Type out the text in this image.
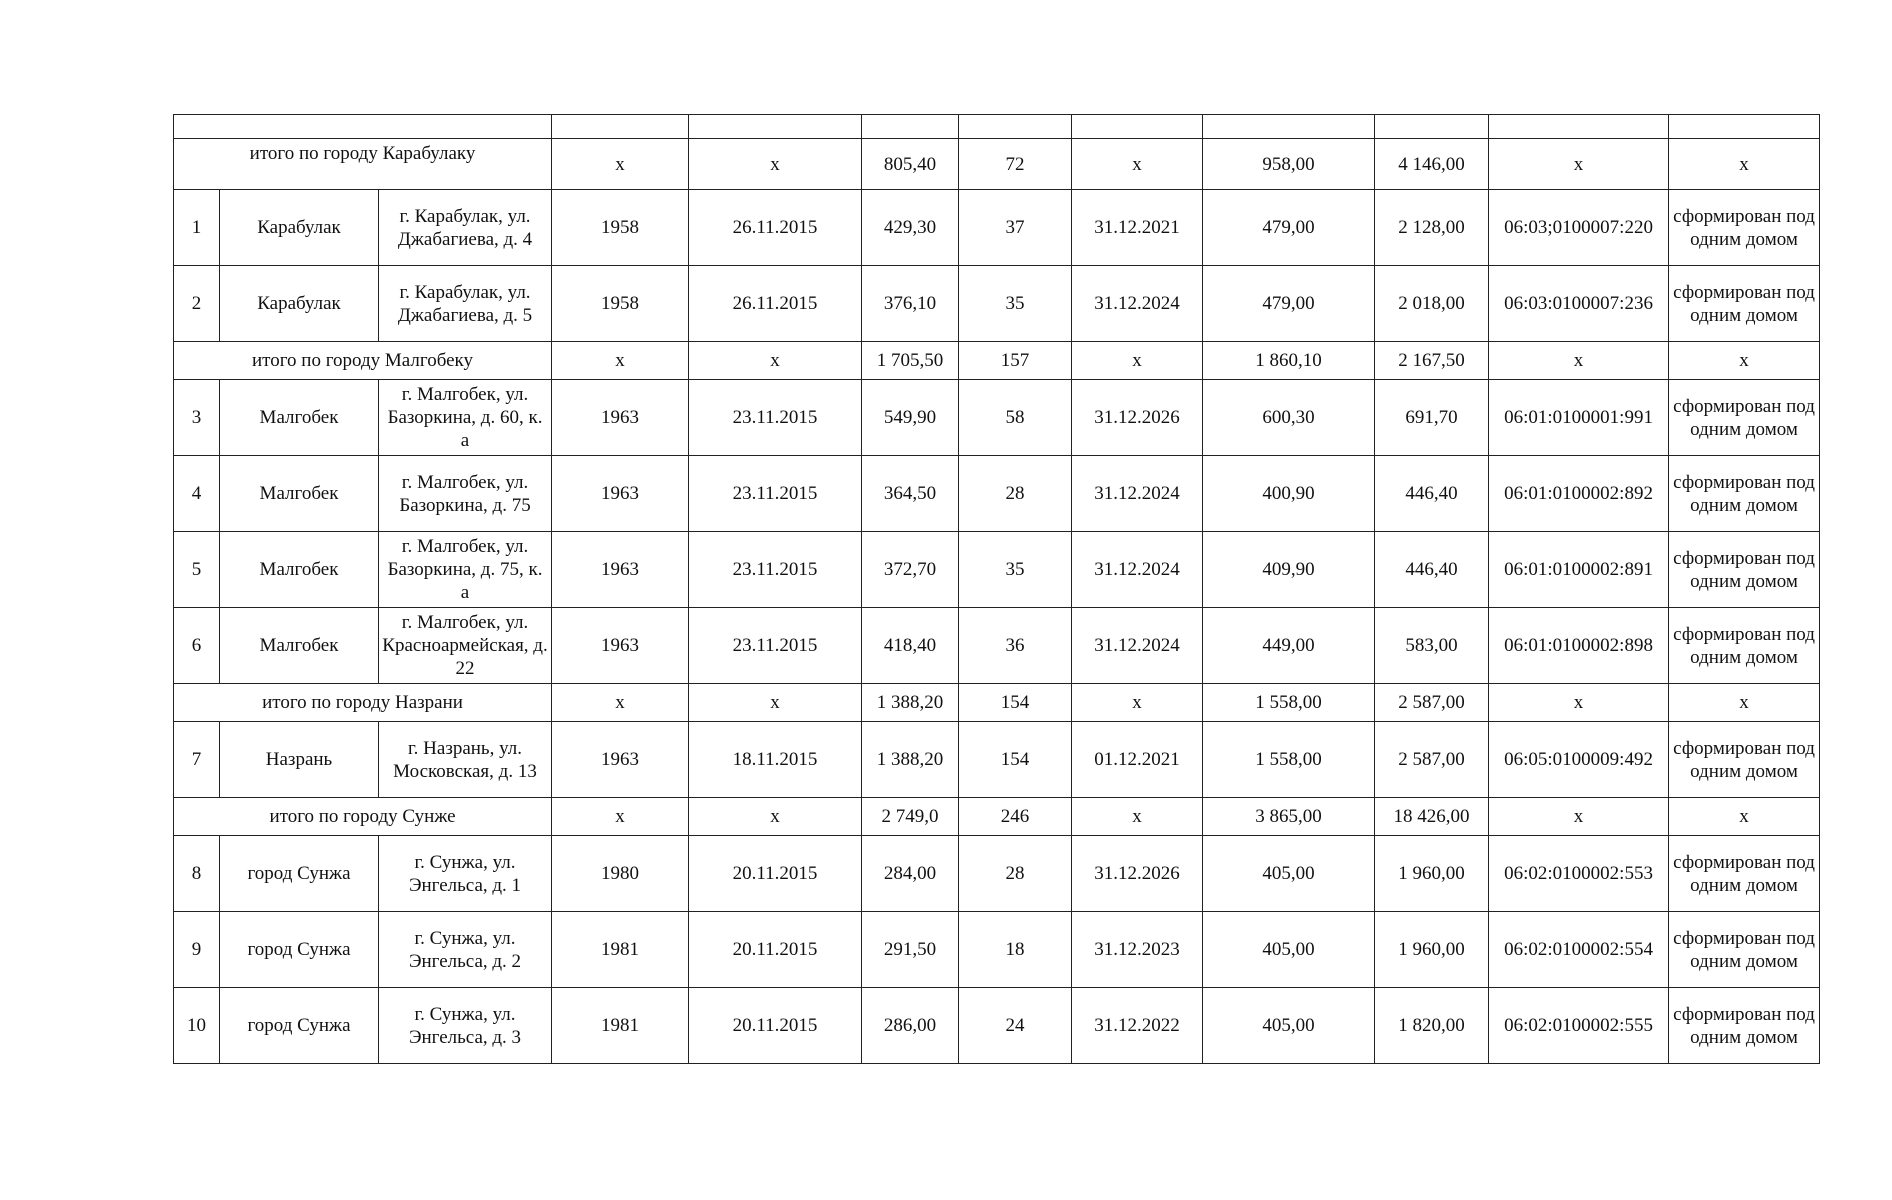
итого по городу Карабулаку			х	х	805,40	72	х	958,00	4 146,00	х	х
1	Карабулак	г. Карабулак, ул. Джабагиева, д. 4	1958	26.11.2015	429,30	37	31.12.2021	479,00	2 128,00	06:03;0100007:220	сформирован под одним домом
2	Карабулак	г. Карабулак, ул. Джабагиева, д. 5	1958	26.11.2015	376,10	35	31.12.2024	479,00	2 018,00	06:03:0100007:236	сформирован под одним домом
итого по городу Малгобеку			х	х	1 705,50	157	х	1 860,10	2 167,50	х	х
3	Малгобек	г. Малгобек, ул. Базоркина, д. 60, к. а	1963	23.11.2015	549,90	58	31.12.2026	600,30	691,70	06:01:0100001:991	сформирован под одним домом
4	Малгобек	г. Малгобек, ул. Базоркина, д. 75	1963	23.11.2015	364,50	28	31.12.2024	400,90	446,40	06:01:0100002:892	сформирован под одним домом
5	Малгобек	г. Малгобек, ул. Базоркина, д. 75, к. а	1963	23.11.2015	372,70	35	31.12.2024	409,90	446,40	06:01:0100002:891	сформирован под одним домом
6	Малгобек	г. Малгобек, ул. Красноармейская, д. 22	1963	23.11.2015	418,40	36	31.12.2024	449,00	583,00	06:01:0100002:898	сформирован под одним домом
итого по городу Назрани			х	х	1 388,20	154	х	1 558,00	2 587,00	х	х
7	Назрань	г. Назрань, ул. Московская, д. 13	1963	18.11.2015	1 388,20	154	01.12.2021	1 558,00	2 587,00	06:05:0100009:492	сформирован под одним домом
итого по городу Сунже			х	х	2 749,0	246	х	3 865,00	18 426,00	х	х
8	город Сунжа	г. Сунжа, ул. Энгельса, д. 1	1980	20.11.2015	284,00	28	31.12.2026	405,00	1 960,00	06:02:0100002:553	сформирован под одним домом
9	город Сунжа	г. Сунжа, ул. Энгельса, д. 2	1981	20.11.2015	291,50	18	31.12.2023	405,00	1 960,00	06:02:0100002:554	сформирован под одним домом
10	город Сунжа	г. Сунжа, ул. Энгельса, д. 3	1981	20.11.2015	286,00	24	31.12.2022	405,00	1 820,00	06:02:0100002:555	сформирован под одним домом
